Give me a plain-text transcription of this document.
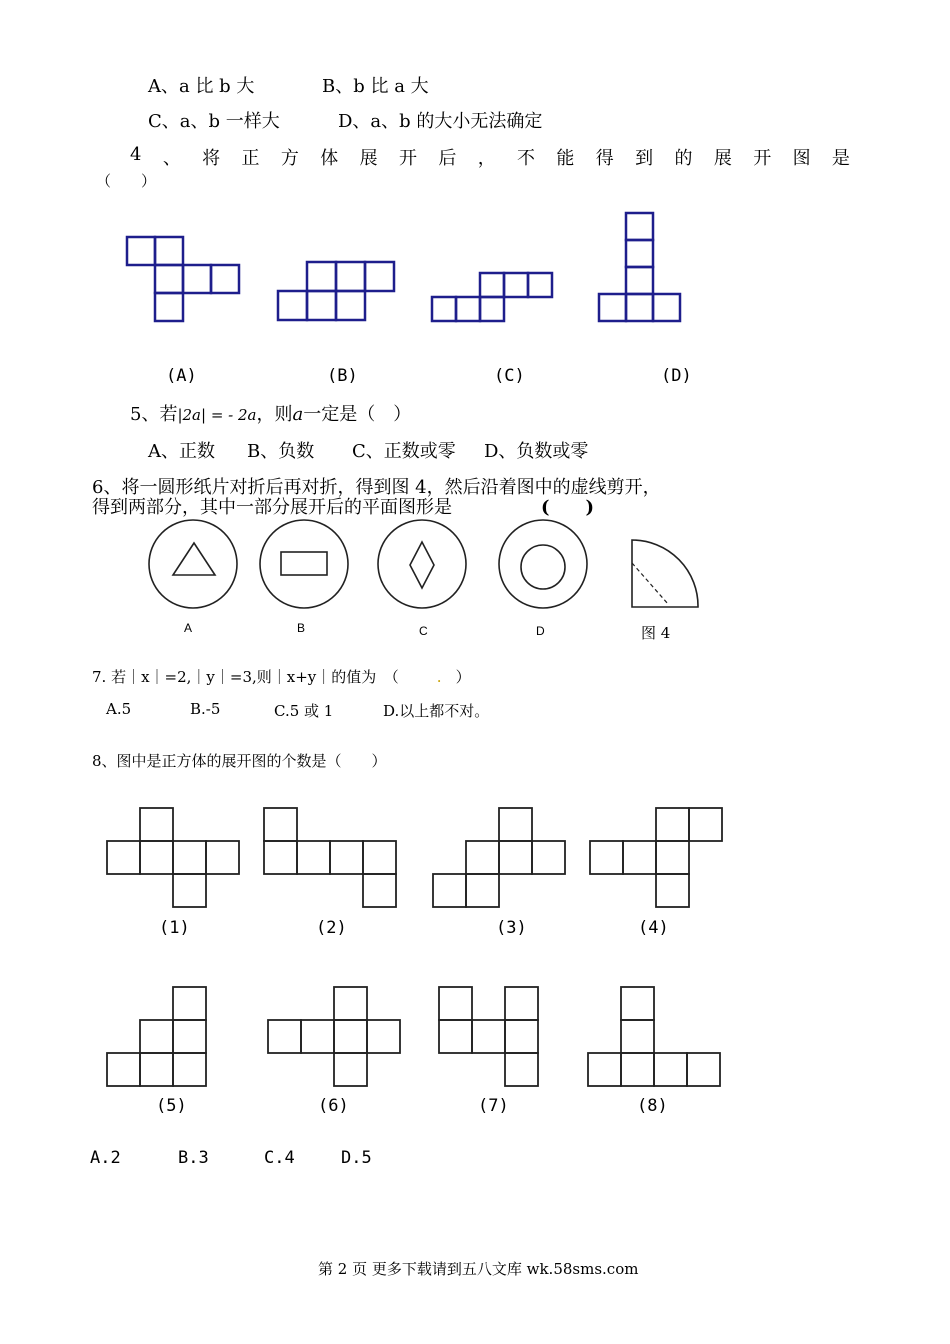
A、a 比 b 大	B、b 比 a 大
C、a、b 一样大	D、a、b 的大小无法确定
4 、 将 正 方 体 展 开 后 ， 不 能 得 到 的 展 开 图 是
（　　）
(A)	(B)	(C)	(D)
5、若|2a| = - 2a，则a一定是（　）
A、正数 B、负数 C、正数或零 D、负数或零
6、将一圆形纸片对折后再对折，得到图 4，然后沿着图中的虚线剪开，
得到两部分，其中一部分展开后的平面图形是	(　　)
A	B	C	D	图 4
7. 若｜x｜=2,｜y｜=3,则｜x+y｜的值为　（	. ）
A.5	B.-5	C.5 或 1	D.以上都不对。
8、图中是正方体的展开图的个数是（　　）
(1)	(2)	(3)	(4)
(5)	(6)	(7)	(8)
A.2	B.3	C.4	D.5
第 2 页 更多下载请到五八文库 wk.58sms.com
